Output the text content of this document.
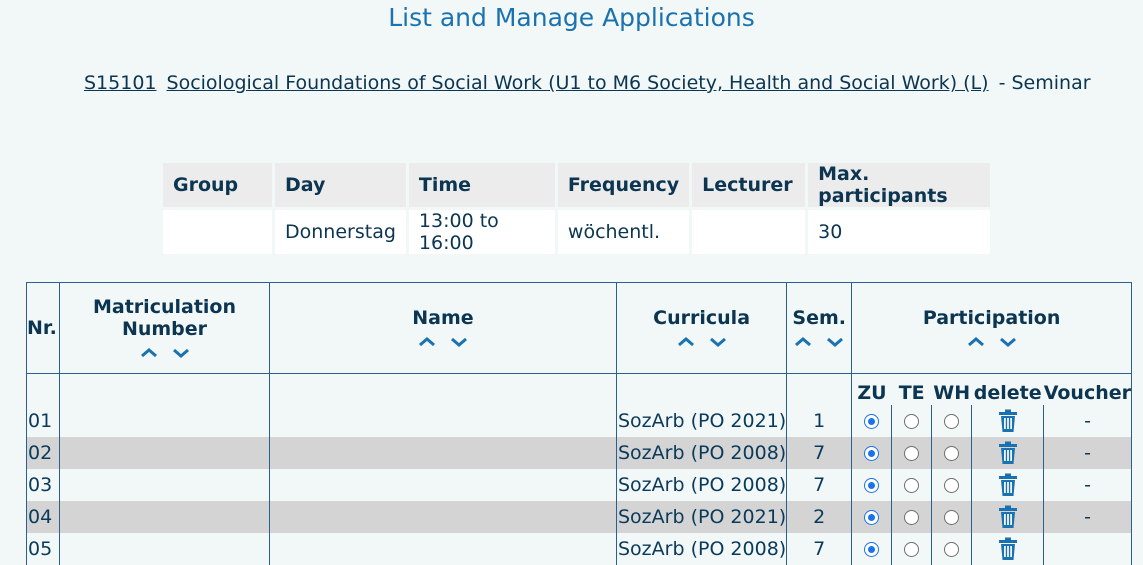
List and Manage Applications
S15101 Sociological Foundations of Social Work (U1 to M6 Society, Health and Social Work) (L) - Seminar
Group	Day	Time	Frequency	Lecturer	Max. participants
	Donnerstag	13:00 to 16:00	wöchentl.		30
Nr.	Matriculation Number	Name	Curricula	Sem.	Participation				

					ZU	TE	WH	delete	Voucher
01			SozArb (PO 2021)	1					-
02			SozArb (PO 2008)	7					-
03			SozArb (PO 2008)	7					-
04			SozArb (PO 2021)	2					-
05			SozArb (PO 2008)	7					
